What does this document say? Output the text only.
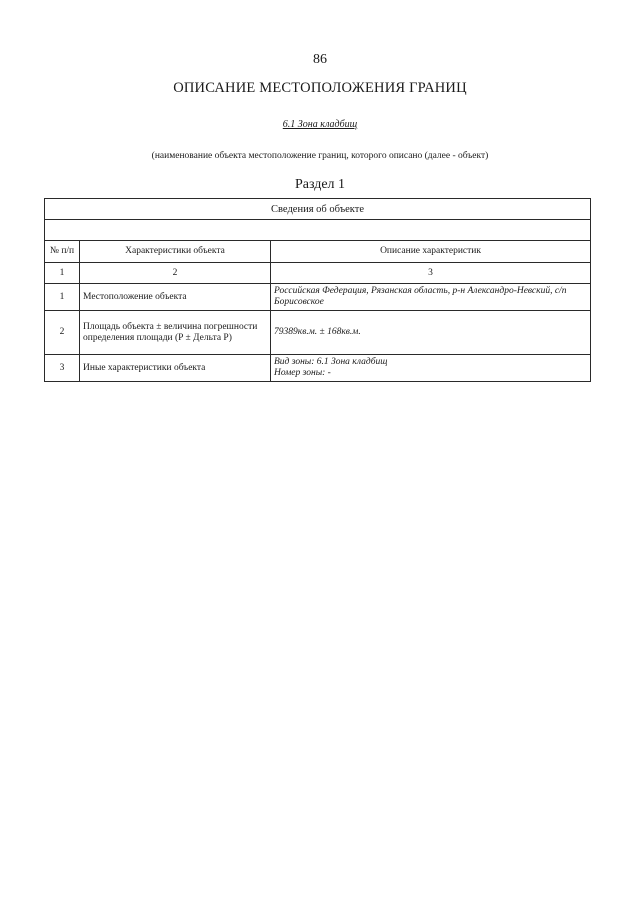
86
ОПИСАНИЕ МЕСТОПОЛОЖЕНИЯ ГРАНИЦ
6.1 Зона кладбищ
(наименование объекта местоположение границ, которого описано (далее - объект)
Раздел 1
Сведения об объекте		

№ п/п	Характеристики объекта	Описание характеристик
1	2	3
1	Местоположение объекта	Российская Федерация, Рязанская область, р-н Александро-Невский, с/п Борисовское
2	Площадь объекта ± величина погрешности определения площади (P ± Дельта P)	79389кв.м. ± 168кв.м.
3	Иные характеристики объекта	Вид зоны: 6.1 Зона кладбищ
Номер зоны: -
